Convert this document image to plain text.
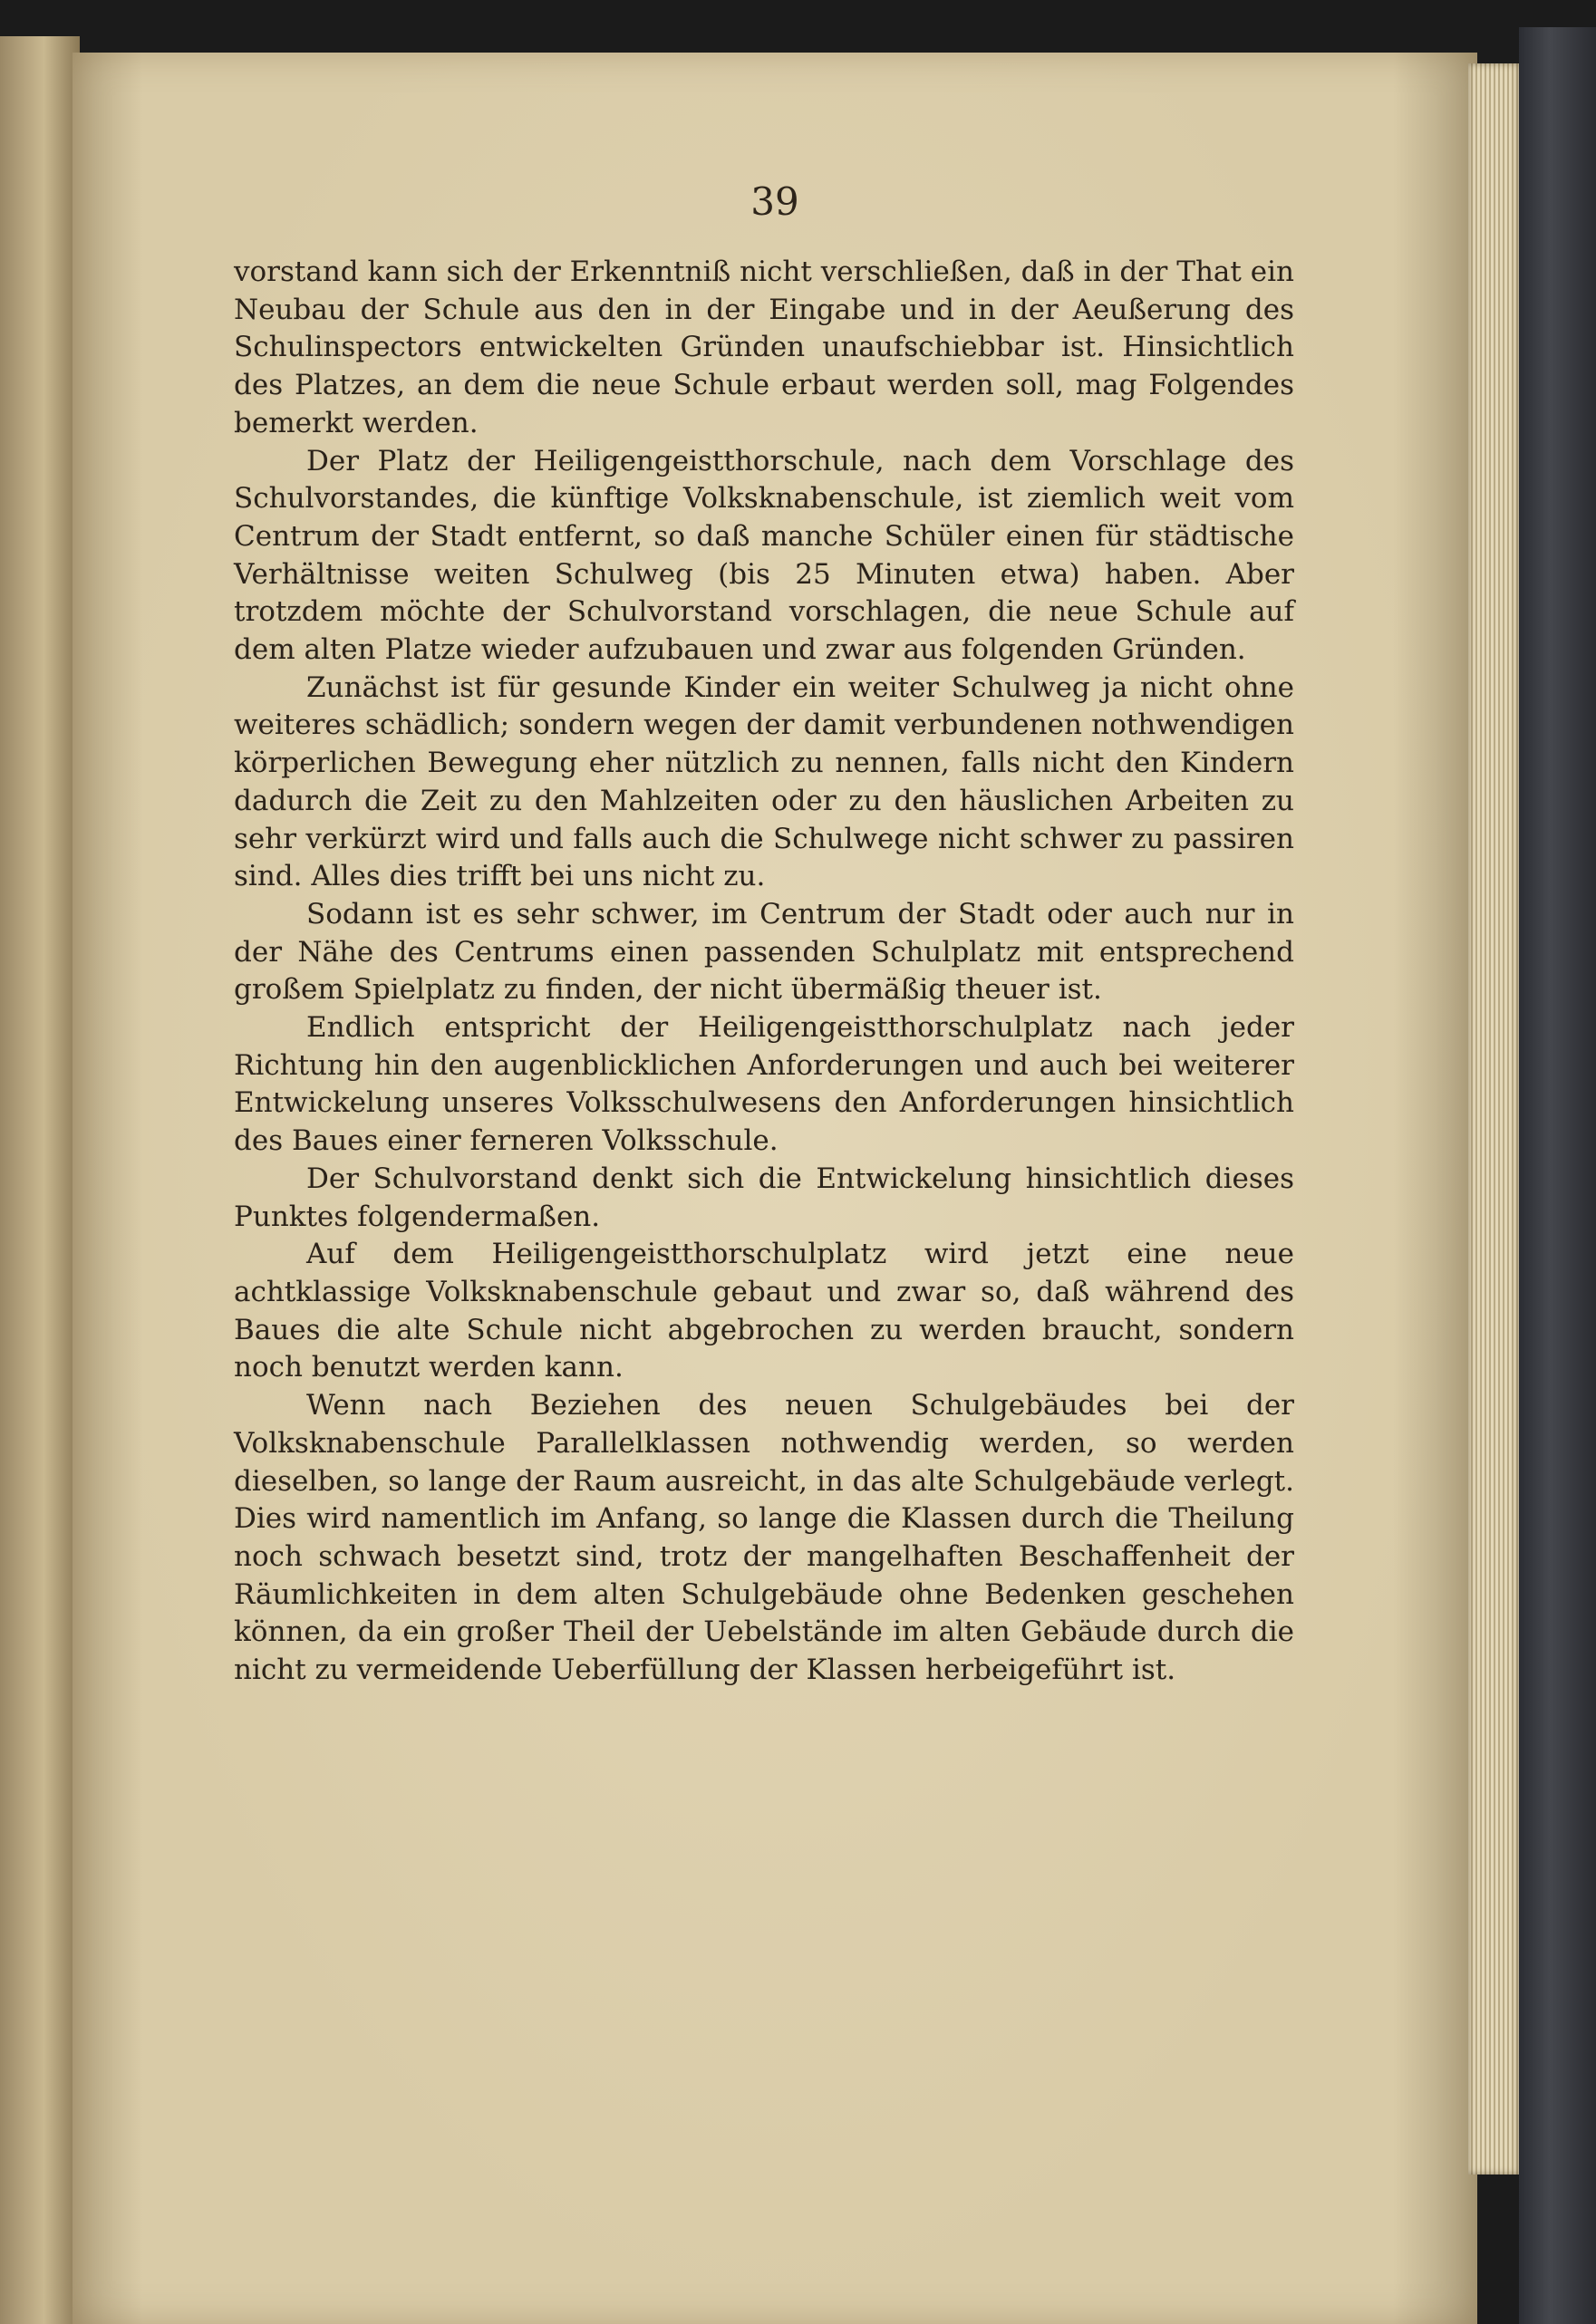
39

vorstand kann sich der Erkenntniß nicht verschließen, daß in der That ein Neubau der Schule aus den in der Eingabe und in der Aeußerung des Schulinspectors entwickelten Gründen unaufschiebbar ist. Hinsichtlich des Platzes, an dem die neue Schule erbaut werden soll, mag Folgendes bemerkt werden.

Der Platz der Heiligengeistthorschule, nach dem Vorschlage des Schulvorstandes, die künftige Volksknabenschule, ist ziemlich weit vom Centrum der Stadt entfernt, so daß manche Schüler einen für städtische Verhältnisse weiten Schulweg (bis 25 Minuten etwa) haben. Aber trotzdem möchte der Schulvorstand vorschlagen, die neue Schule auf dem alten Platze wieder aufzubauen und zwar aus folgenden Gründen.

Zunächst ist für gesunde Kinder ein weiter Schulweg ja nicht ohne weiteres schädlich; sondern wegen der damit verbundenen nothwendigen körperlichen Bewegung eher nützlich zu nennen, falls nicht den Kindern dadurch die Zeit zu den Mahlzeiten oder zu den häuslichen Arbeiten zu sehr verkürzt wird und falls auch die Schulwege nicht schwer zu passiren sind. Alles dies trifft bei uns nicht zu.

Sodann ist es sehr schwer, im Centrum der Stadt oder auch nur in der Nähe des Centrums einen passenden Schulplatz mit entsprechend großem Spielplatz zu finden, der nicht übermäßig theuer ist.

Endlich entspricht der Heiligengeistthorschulplatz nach jeder Richtung hin den augenblicklichen Anforderungen und auch bei weiterer Entwickelung unseres Volksschulwesens den Anforderungen hinsichtlich des Baues einer ferneren Volksschule.

Der Schulvorstand denkt sich die Entwickelung hinsichtlich dieses Punktes folgendermaßen.

Auf dem Heiligengeistthorschulplatz wird jetzt eine neue achtklassige Volksknabenschule gebaut und zwar so, daß während des Baues die alte Schule nicht abgebrochen zu werden braucht, sondern noch benutzt werden kann.

Wenn nach Beziehen des neuen Schulgebäudes bei der Volksknabenschule Parallelklassen nothwendig werden, so werden dieselben, so lange der Raum ausreicht, in das alte Schulgebäude verlegt. Dies wird namentlich im Anfang, so lange die Klassen durch die Theilung noch schwach besetzt sind, trotz der mangelhaften Beschaffenheit der Räumlichkeiten in dem alten Schulgebäude ohne Bedenken geschehen können, da ein großer Theil der Uebelstände im alten Gebäude durch die nicht zu vermeidende Ueberfüllung der Klassen herbeigeführt ist.
